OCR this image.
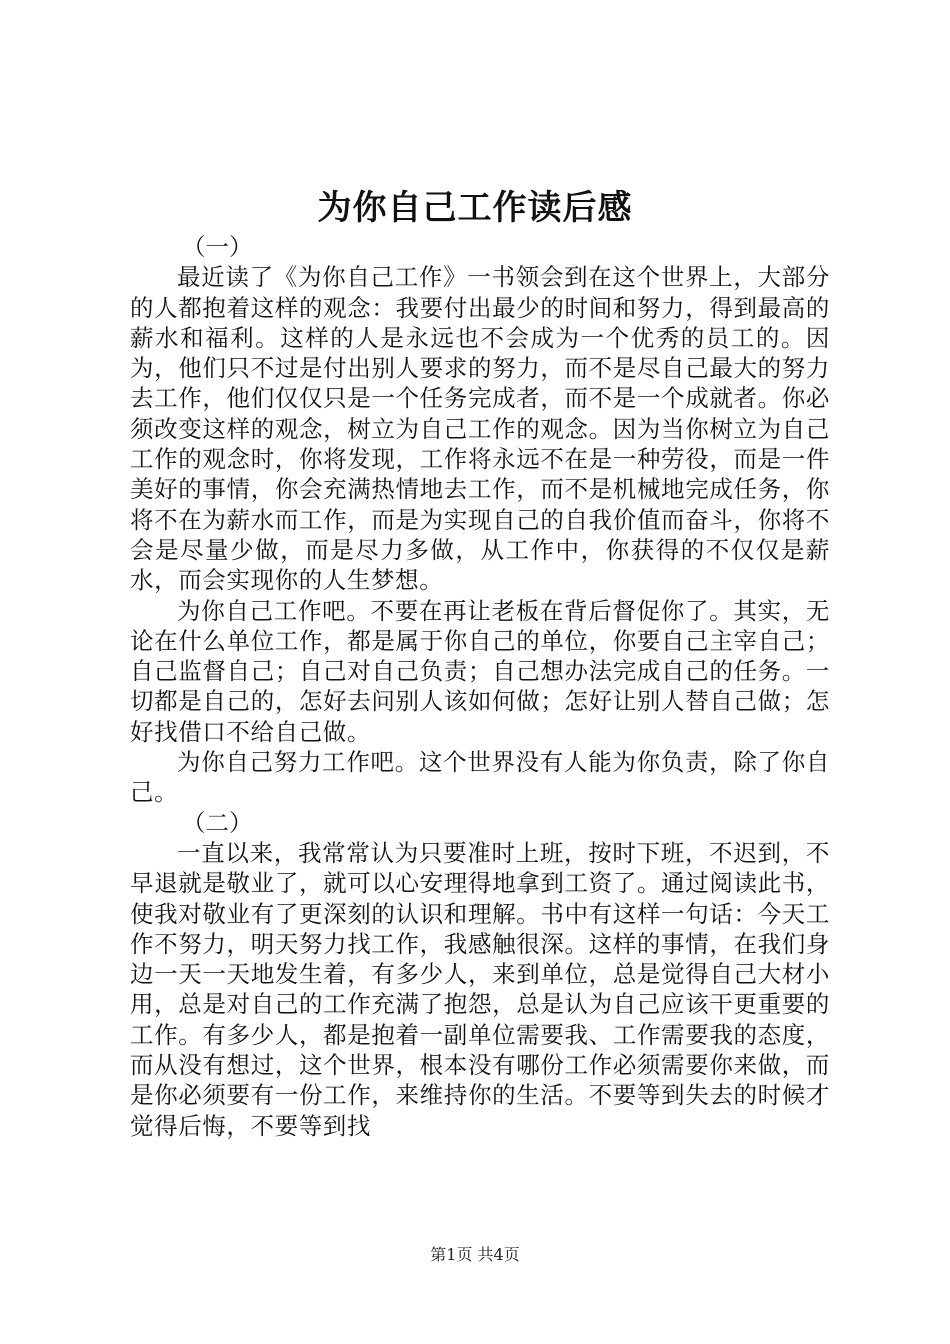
为你自己工作读后感

（一）

最近读了《为你自己工作》一书领会到在这个世界上，大部分的人都抱着这样的观念：我要付出最少的时间和努力，得到最高的薪水和福利。这样的人是永远也不会成为一个优秀的员工的。因为，他们只不过是付出别人要求的努力，而不是尽自己最大的努力去工作，他们仅仅只是一个任务完成者，而不是一个成就者。你必须改变这样的观念，树立为自己工作的观念。因为当你树立为自己工作的观念时，你将发现，工作将永远不在是一种劳役，而是一件美好的事情，你会充满热情地去工作，而不是机械地完成任务，你将不在为薪水而工作，而是为实现自己的自我价值而奋斗，你将不会是尽量少做，而是尽力多做，从工作中，你获得的不仅仅是薪水，而会实现你的人生梦想。

为你自己工作吧。不要在再让老板在背后督促你了。其实，无论在什么单位工作，都是属于你自己的单位，你要自己主宰自己；自己监督自己；自己对自己负责；自己想办法完成自己的任务。一切都是自己的，怎好去问别人该如何做；怎好让别人替自己做；怎好找借口不给自己做。

为你自己努力工作吧。这个世界没有人能为你负责，除了你自己。

（二）

一直以来，我常常认为只要准时上班，按时下班，不迟到，不早退就是敬业了，就可以心安理得地拿到工资了。通过阅读此书，使我对敬业有了更深刻的认识和理解。书中有这样一句话：今天工作不努力，明天努力找工作，我感触很深。这样的事情，在我们身边一天一天地发生着，有多少人，来到单位，总是觉得自己大材小用，总是对自己的工作充满了抱怨，总是认为自己应该干更重要的工作。有多少人，都是抱着一副单位需要我、工作需要我的态度，而从没有想过，这个世界，根本没有哪份工作必须需要你来做，而是你必须要有一份工作，来维持你的生活。不要等到失去的时候才觉得后悔，不要等到找

第1页 共4页
